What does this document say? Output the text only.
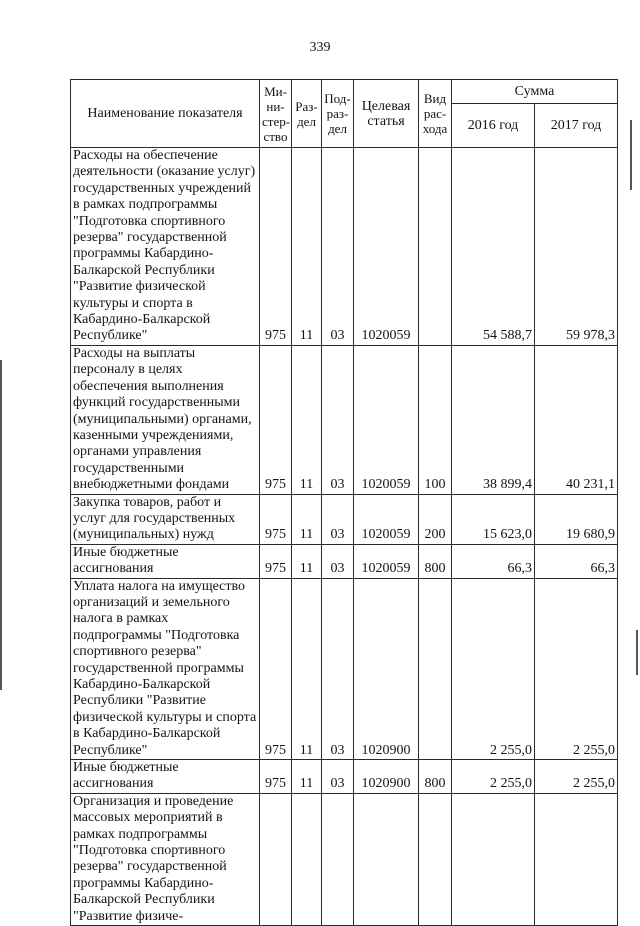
339
Наименование показателя	Ми-ни-стер-ство	Раз-дел	Под-раз-дел	Целевая статья	Вид рас-хода	Сумма	
						2016 год	2017 год
Расходы на обеспечение деятельности (оказание услуг) государственных учреждений в рамках подпрограммы "Подготовка спортивного резерва" государственной программы Кабардино-Балкарской Республики "Развитие физической культуры и спорта в Кабардино-Балкарской Республике"	975	11	03	1020059		54 588,7	59 978,3
Расходы на выплаты персоналу в целях обеспечения выполнения функций государственными (муниципальными) органами, казенными учреждениями, органами управления государственными внебюджетными фондами	975	11	03	1020059	100	38 899,4	40 231,1
Закупка товаров, работ и услуг для государственных (муниципальных) нужд	975	11	03	1020059	200	15 623,0	19 680,9
Иные бюджетные ассигнования	975	11	03	1020059	800	66,3	66,3
Уплата налога на имущество организаций и земельного налога в рамках подпрограммы "Подготовка спортивного резерва" государственной программы Кабардино-Балкарской Республики "Развитие физической культуры и спорта в Кабардино-Балкарской Республике"	975	11	03	1020900		2 255,0	2 255,0
Иные бюджетные ассигнования	975	11	03	1020900	800	2 255,0	2 255,0
Организация и проведение массовых мероприятий в рамках подпрограммы "Подготовка спортивного резерва" государственной программы Кабардино-Балкарской Республики "Развитие физиче-							
